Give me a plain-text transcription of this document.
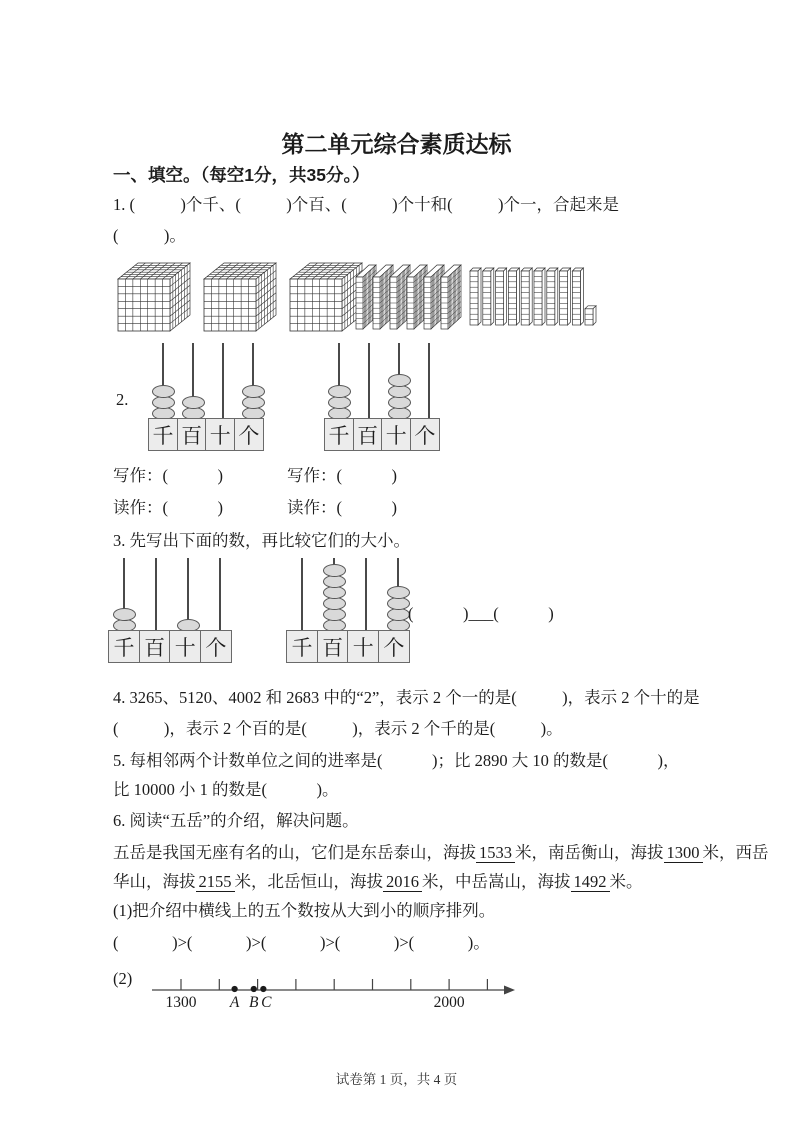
第二单元综合素质达标
一、填空。（每空1分，共35分。）
1. (           )个千、(           )个百、(           )个十和(           )个一，合起来是
(           )。
2.
千 百 十 个	千 百 十 个
写作：(            )	写作：(            )
读作：(            )	读作：(            )
3. 先写出下面的数，再比较它们的大小。
千 百 十 个	千 百 十 个
(            )___(            )
4. 3265、5120、4002 和 2683 中的“2”，表示 2 个一的是(           )，表示 2 个十的是
(           )，表示 2 个百的是(           )，表示 2 个千的是(           )。
5. 每相邻两个计数单位之间的进率是(            )；比 2890 大 10 的数是(            )，
比 10000 小 1 的数是(            )。
6. 阅读“五岳”的介绍，解决问题。
五岳是我国无座有名的山，它们是东岳泰山，海拔 1533 米，南岳衡山，海拔 1300 米，西岳
华山，海拔 2155 米，北岳恒山，海拔 2016 米，中岳嵩山，海拔 1492 米。
(1)把介绍中横线上的五个数按从大到小的顺序排列。
(             )>(             )>(             )>(             )>(             )。
(2)
1300	2000
A B C
试卷第 1 页，共 4 页
